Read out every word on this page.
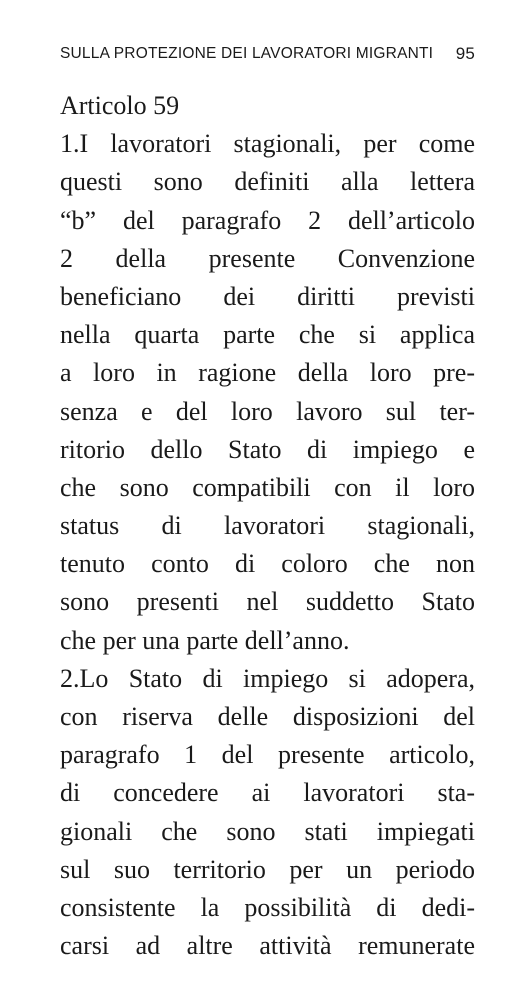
SULLA PROTEZIONE DEI LAVORATORI MIGRANTI 95
Articolo 59
1.I lavoratori stagionali, per come
questi sono definiti alla lettera
“b” del paragrafo 2 dell’articolo
2 della presente Convenzione
beneficiano dei diritti previsti
nella quarta parte che si applica
a loro in ragione della loro pre-
senza e del loro lavoro sul ter-
ritorio dello Stato di impiego e
che sono compatibili con il loro
status di lavoratori stagionali,
tenuto conto di coloro che non
sono presenti nel suddetto Stato
che per una parte dell’anno.
2.Lo Stato di impiego si adopera,
con riserva delle disposizioni del
paragrafo 1 del presente articolo,
di concedere ai lavoratori sta-
gionali che sono stati impiegati
sul suo territorio per un periodo
consistente la possibilità di dedi-
carsi ad altre attività remunerate
